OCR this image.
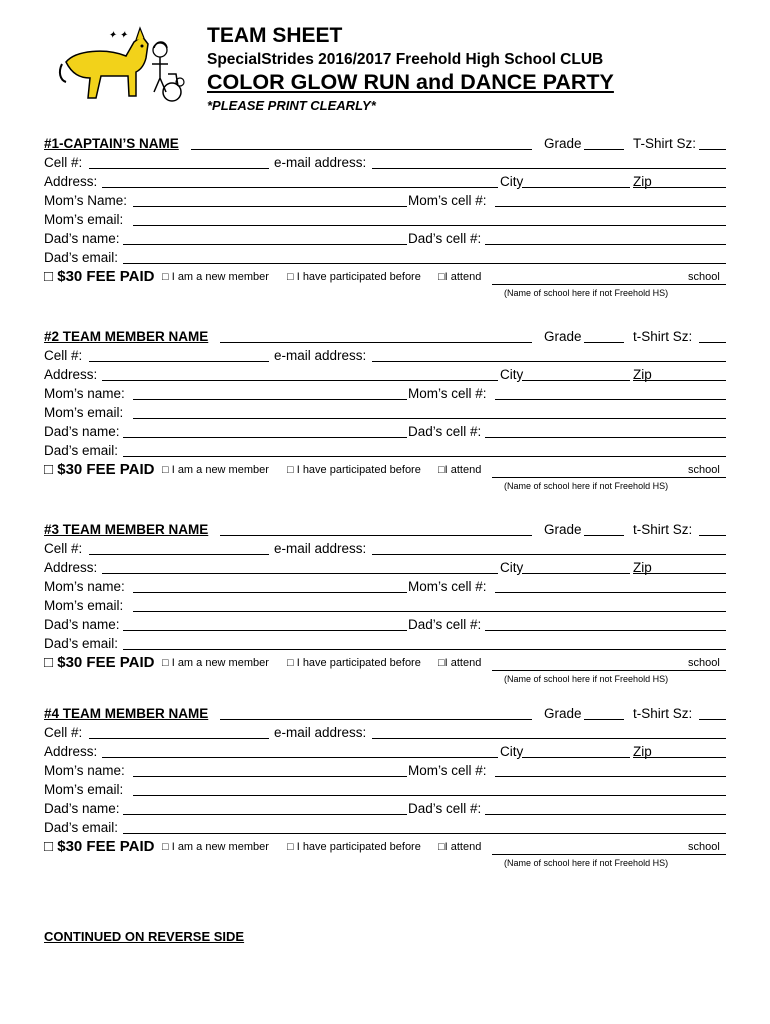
✦ ✦	TEAM SHEET
SpecialStrides 2016/2017 Freehold High School CLUB
COLOR GLOW RUN and DANCE PARTY
*PLEASE PRINT CLEARLY*
#1-CAPTAIN’S NAME	Grade	T-Shirt Sz:
Cell #:	e-mail address:
Address:	City	Zip
Mom’s Name:	Mom’s cell #:
Mom’s email:
Dad’s name:	Dad’s cell #:
Dad’s email:
□ $30 FEE PAID □ I am a new member □ I have participated before □I attend	school
(Name of school here if not Freehold HS)
#2 TEAM MEMBER NAME	Grade	t-Shirt Sz:
Cell #:	e-mail address:
Address:	City	Zip
Mom’s name:	Mom’s cell #:
Mom’s email:
Dad’s name:	Dad’s cell #:
Dad’s email:
□ $30 FEE PAID □ I am a new member □ I have participated before □I attend	school
(Name of school here if not Freehold HS)
#3 TEAM MEMBER NAME	Grade	t-Shirt Sz:
Cell #:	e-mail address:
Address:	City	Zip
Mom’s name:	Mom’s cell #:
Mom’s email:
Dad’s name:	Dad’s cell #:
Dad’s email:
□ $30 FEE PAID □ I am a new member □ I have participated before □I attend	school
(Name of school here if not Freehold HS)
#4 TEAM MEMBER NAME	Grade	t-Shirt Sz:
Cell #:	e-mail address:
Address:	City	Zip
Mom’s name:	Mom’s cell #:
Mom’s email:
Dad’s name:	Dad’s cell #:
Dad’s email:
□ $30 FEE PAID □ I am a new member □ I have participated before □I attend	school
(Name of school here if not Freehold HS)
CONTINUED ON REVERSE SIDE
